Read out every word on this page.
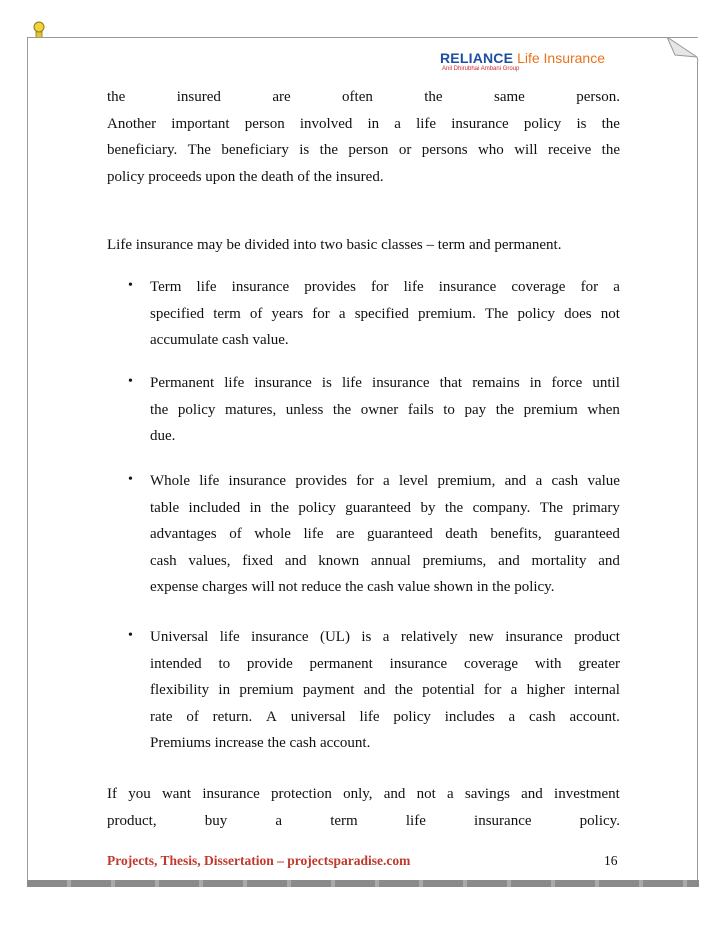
RELIANCE Life Insurance
Anil Dhirubhai Ambani Group
the	insured	are	often	the	same	person.
Another important person involved in a life insurance policy is the
beneficiary. The beneficiary is the person or persons who will receive the
policy proceeds upon the death of the insured.
Life insurance may be divided into two basic classes – term and permanent.
• Term life insurance provides for life insurance coverage for a
specified term of years for a specified premium. The policy does not
accumulate cash value.
• Permanent life insurance is life insurance that remains in force until
the policy matures, unless the owner fails to pay the premium when
due.
• Whole life insurance provides for a level premium, and a cash value
table included in the policy guaranteed by the company. The primary
advantages of whole life are guaranteed death benefits, guaranteed
cash values, fixed and known annual premiums, and mortality and
expense charges will not reduce the cash value shown in the policy.
• Universal life insurance (UL) is a relatively new insurance product
intended to provide permanent insurance coverage with greater
flexibility in premium payment and the potential for a higher internal
rate of return. A universal life policy includes a cash account.
Premiums increase the cash account.
If you want insurance protection only, and not a savings and investment
product,	buy	a	term	life	insurance	policy.
Projects, Thesis, Dissertation – projectsparadise.com	16
